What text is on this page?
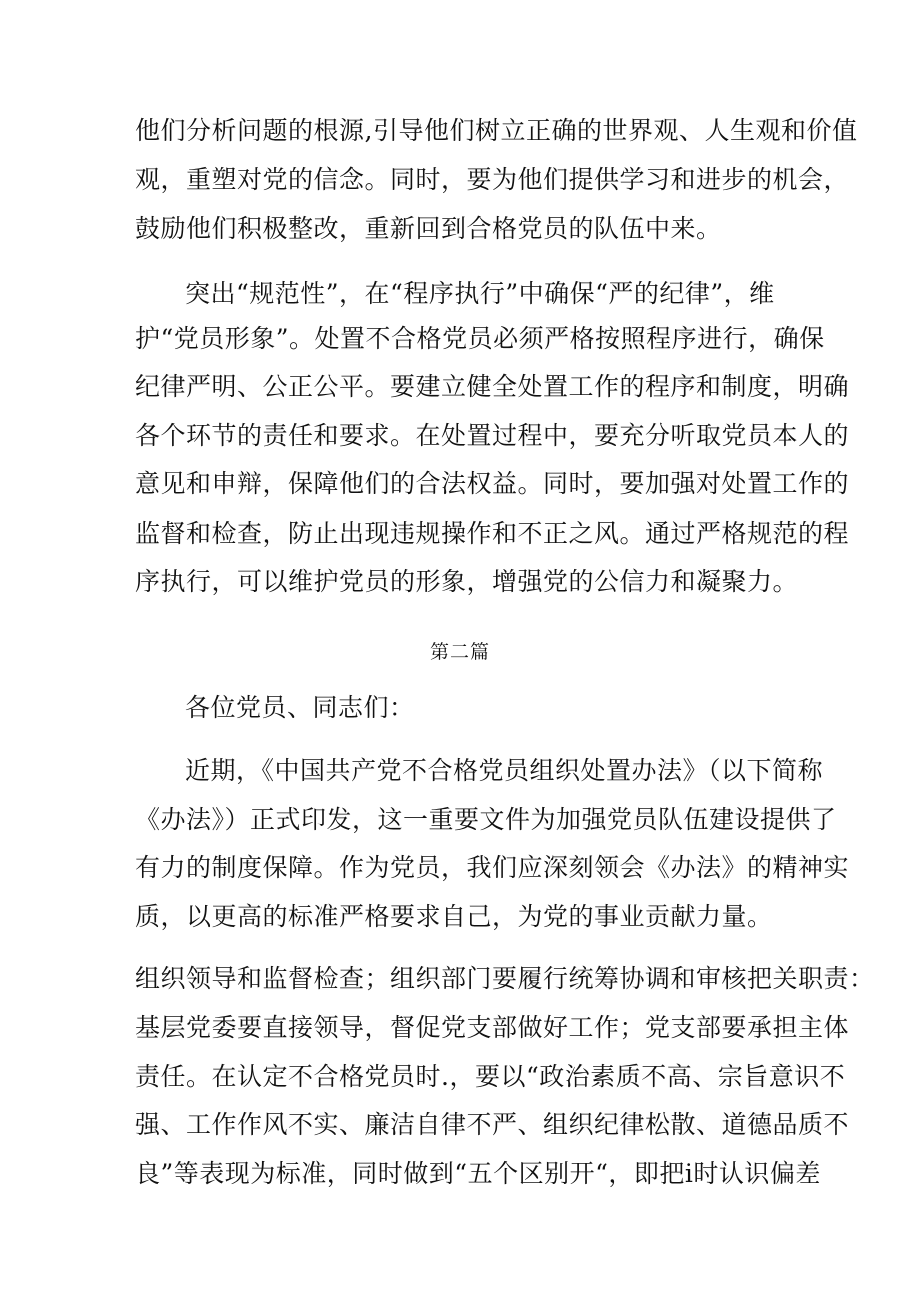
他们分析问题的根源,引导他们树立正确的世界观、人生观和价值
观，重塑对党的信念。同时，要为他们提供学习和进步的机会，
鼓励他们积极整改，重新回到合格党员的队伍中来。
突出“规范性”，在“程序执行”中确保“严的纪律”，维
护“党员形象”。处置不合格党员必须严格按照程序进行，确保
纪律严明、公正公平。要建立健全处置工作的程序和制度，明确
各个环节的责任和要求。在处置过程中，要充分听取党员本人的
意见和申辩，保障他们的合法权益。同时，要加强对处置工作的
监督和检查，防止出现违规操作和不正之风。通过严格规范的程
序执行，可以维护党员的形象，增强党的公信力和凝聚力。
第二篇
各位党员、同志们：
近期，《中国共产党不合格党员组织处置办法》（以下简称
《办法》）正式印发，这一重要文件为加强党员队伍建设提供了
有力的制度保障。作为党员，我们应深刻领会《办法》的精神实
质，以更高的标准严格要求自己，为党的事业贡献力量。
组织领导和监督检查；组织部门要履行统筹协调和审核把关职责：
基层党委要直接领导，督促党支部做好工作；党支部要承担主体
责任。在认定不合格党员时.，要以“政治素质不高、宗旨意识不
强、工作作风不实、廉洁自律不严、组织纪律松散、道德品质不
良”等表现为标准，同时做到“五个区别开“，即把i时认识偏差
